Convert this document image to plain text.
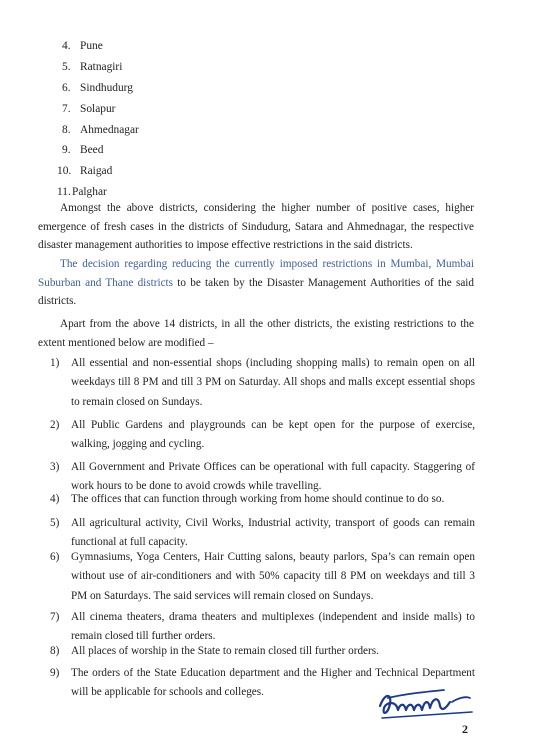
4. Pune
5. Ratnagiri
6. Sindhudurg
7. Solapur
8. Ahmednagar
9. Beed
10. Raigad
11. Palghar

Amongst the above districts, considering the higher number of positive cases, higher emergence of fresh cases in the districts of Sindudurg, Satara and Ahmednagar, the respective disaster management authorities to impose effective restrictions in the said districts.

The decision regarding reducing the currently imposed restrictions in Mumbai, Mumbai Suburban and Thane districts to be taken by the Disaster Management Authorities of the said districts.

Apart from the above 14 districts, in all the other districts, the existing restrictions to the extent mentioned below are modified –

1)	All essential and non-essential shops (including shopping malls) to remain open on all weekdays till 8 PM and till 3 PM on Saturday. All shops and malls except essential shops to remain closed on Sundays.

2)	All Public Gardens and playgrounds can be kept open for the purpose of exercise, walking, jogging and cycling.

3)	All Government and Private Offices can be operational with full capacity. Staggering of work hours to be done to avoid crowds while travelling.

4)	The offices that can function through working from home should continue to do so.

5)	All agricultural activity, Civil Works, Industrial activity, transport of goods can remain functional at full capacity.

6)	Gymnasiums, Yoga Centers, Hair Cutting salons, beauty parlors, Spa’s can remain open without use of air-conditioners and with 50% capacity till 8 PM on weekdays and till 3 PM on Saturdays. The said services will remain closed on Sundays.

7)	All cinema theaters, drama theaters and multiplexes (independent and inside malls) to remain closed till further orders.

8)	All places of worship in the State to remain closed till further orders.

9)	The orders of the State Education department and the Higher and Technical Department will be applicable for schools and colleges.

2
